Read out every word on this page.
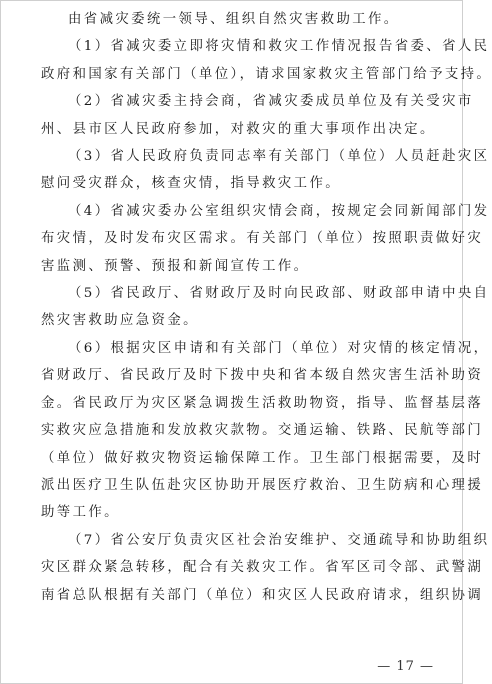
由省减灾委统一领导、组织自然灾害救助工作。

（1）省减灾委立即将灾情和救灾工作情况报告省委、省人民
政府和国家有关部门（单位），请求国家救灾主管部门给予支持。

（2）省减灾委主持会商，省减灾委成员单位及有关受灾市
州、县市区人民政府参加，对救灾的重大事项作出决定。

（3）省人民政府负责同志率有关部门（单位）人员赶赴灾区
慰问受灾群众，核查灾情，指导救灾工作。

（4）省减灾委办公室组织灾情会商，按规定会同新闻部门发
布灾情，及时发布灾区需求。有关部门（单位）按照职责做好灾
害监测、预警、预报和新闻宣传工作。

（5）省民政厅、省财政厅及时向民政部、财政部申请中央自
然灾害救助应急资金。

（6）根据灾区申请和有关部门（单位）对灾情的核定情况，
省财政厅、省民政厅及时下拨中央和省本级自然灾害生活补助资
金。省民政厅为灾区紧急调拨生活救助物资，指导、监督基层落
实救灾应急措施和发放救灾款物。交通运输、铁路、民航等部门
（单位）做好救灾物资运输保障工作。卫生部门根据需要，及时
派出医疗卫生队伍赴灾区协助开展医疗救治、卫生防病和心理援
助等工作。

（7）省公安厅负责灾区社会治安维护、交通疏导和协助组织
灾区群众紧急转移，配合有关救灾工作。省军区司令部、武警湖
南省总队根据有关部门（单位）和灾区人民政府请求，组织协调

— 17 —
